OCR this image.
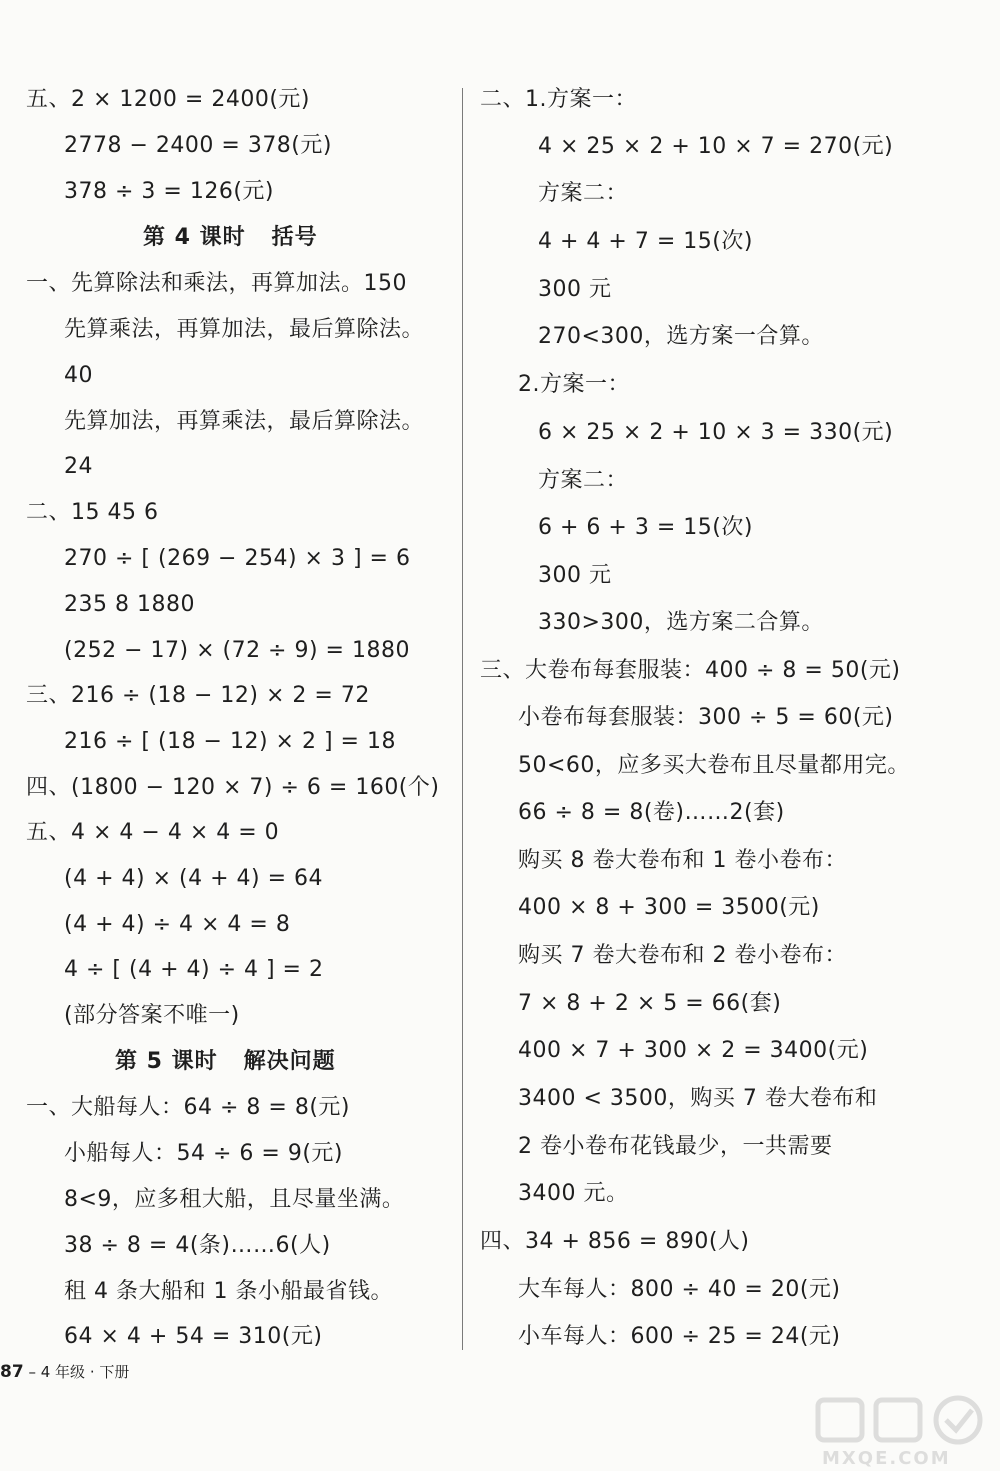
五、2 × 1200 = 2400(元)
2778 − 2400 = 378(元)
378 ÷ 3 = 126(元)
第 4 课时 括号
一、先算除法和乘法，再算加法。150
先算乘法，再算加法，最后算除法。
40
先算加法，再算乘法，最后算除法。
24
二、15 45 6
270 ÷ [ (269 − 254) × 3 ] = 6
235 8 1880
(252 − 17) × (72 ÷ 9) = 1880
三、216 ÷ (18 − 12) × 2 = 72
216 ÷ [ (18 − 12) × 2 ] = 18
四、(1800 − 120 × 7) ÷ 6 = 160(个)
五、4 × 4 − 4 × 4 = 0
(4 + 4) × (4 + 4) = 64
(4 + 4) ÷ 4 × 4 = 8
4 ÷ [ (4 + 4) ÷ 4 ] = 2
(部分答案不唯一)
第 5 课时 解决问题
一、大船每人：64 ÷ 8 = 8(元)
小船每人：54 ÷ 6 = 9(元)
8<9，应多租大船，且尽量坐满。
38 ÷ 8 = 4(条)……6(人)
租 4 条大船和 1 条小船最省钱。
64 × 4 + 54 = 310(元)
二、1.方案一：
4 × 25 × 2 + 10 × 7 = 270(元)
方案二：
4 + 4 + 7 = 15(次)
300 元
270<300，选方案一合算。
2.方案一：
6 × 25 × 2 + 10 × 3 = 330(元)
方案二：
6 + 6 + 3 = 15(次)
300 元
330>300，选方案二合算。
三、大卷布每套服装：400 ÷ 8 = 50(元)
小卷布每套服装：300 ÷ 5 = 60(元)
50<60，应多买大卷布且尽量都用完。
66 ÷ 8 = 8(卷)……2(套)
购买 8 卷大卷布和 1 卷小卷布：
400 × 8 + 300 = 3500(元)
购买 7 卷大卷布和 2 卷小卷布：
7 × 8 + 2 × 5 = 66(套)
400 × 7 + 300 × 2 = 3400(元)
3400 < 3500，购买 7 卷大卷布和
2 卷小卷布花钱最少，一共需要
3400 元。
四、34 + 856 = 890(人)
大车每人：800 ÷ 40 = 20(元)
小车每人：600 ÷ 25 = 24(元)
87 – 4 年级 · 下册
MXQE.COM
